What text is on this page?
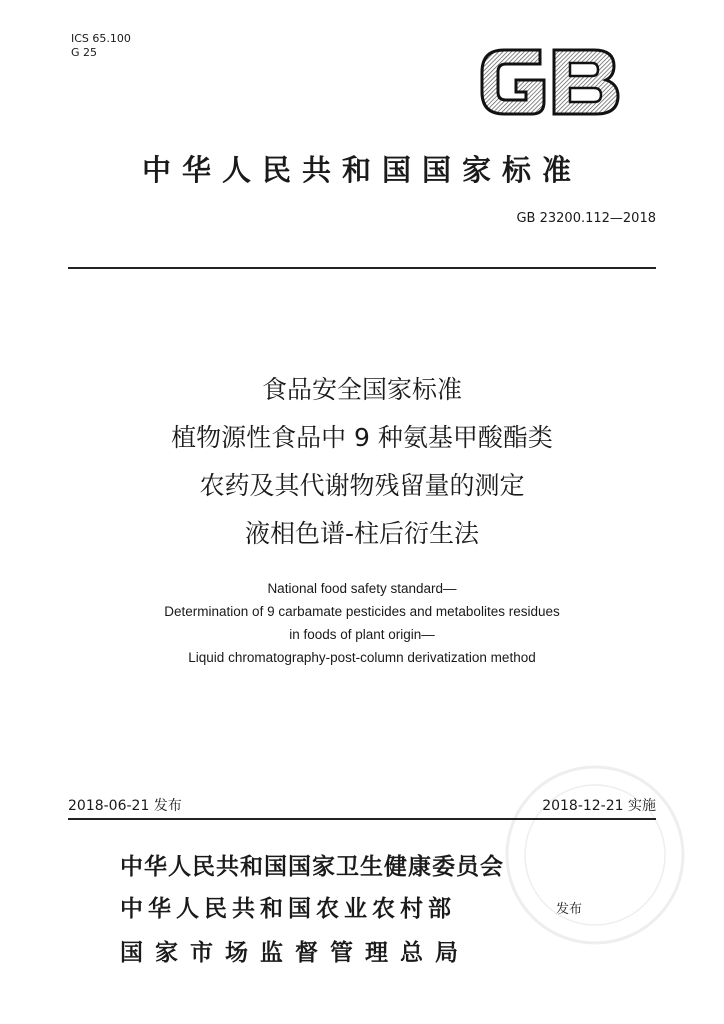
ICS 65.100
G 25
中华人民共和国国家标准
GB 23200.112—2018
食品安全国家标准
植物源性食品中 9 种氨基甲酸酯类
农药及其代谢物残留量的测定
液相色谱-柱后衍生法
National food safety standard—
Determination of 9 carbamate pesticides and metabolites residues
in foods of plant origin—
Liquid chromatography-post-column derivatization method
2018-06-21 发布	2018-12-21 实施
中华人民共和国国家卫生健康委员会
中华人民共和国农业农村部
国家市场监督管理总局
发布
